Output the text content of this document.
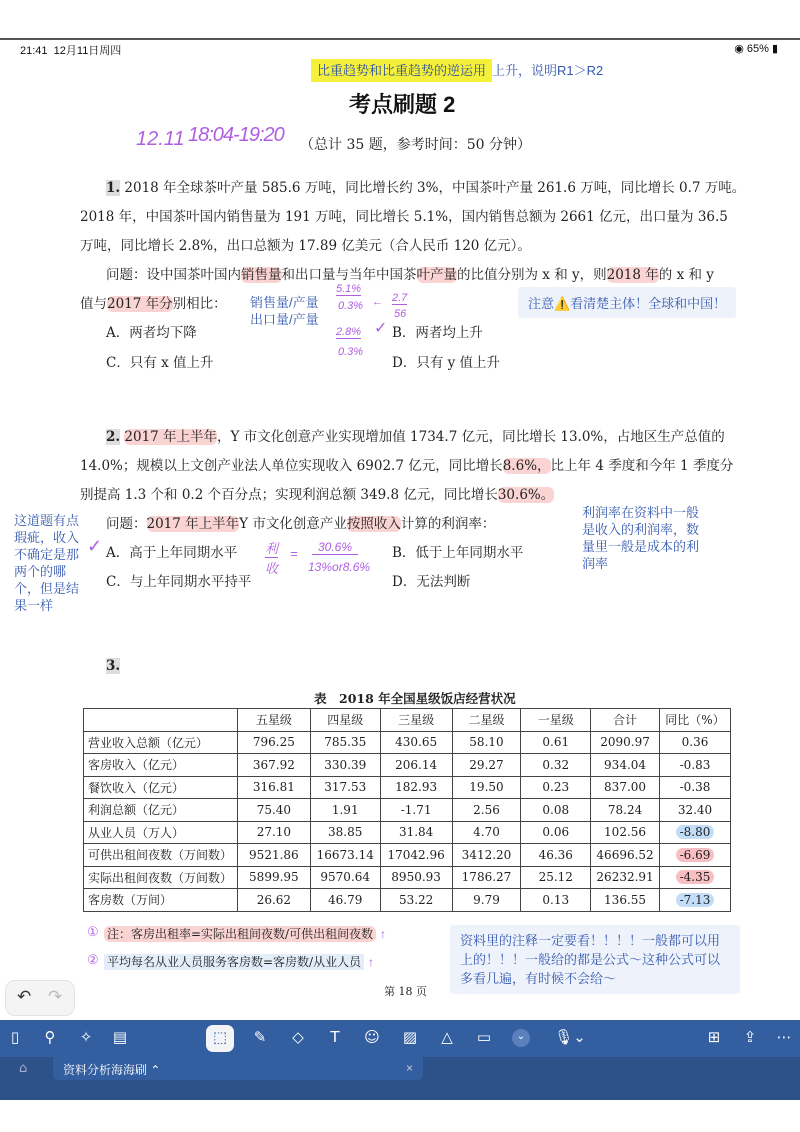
21:41 12月11日周四	◉ 65% ▮
比重趋势和比重趋势的逆运用 上升，说明R1＞R2
考点刷题 2
12.11 18:04-19:20 （总计 35 题，参考时间：50 分钟）
1. 2018 年全球茶叶产量 585.6 万吨，同比增长约 3%，中国茶叶产量 261.6 万吨，同比增长 0.7 万吨。
2018 年，中国茶叶国内销售量为 191 万吨，同比增长 5.1%，国内销售总额为 2661 亿元，出口量为 36.5
万吨，同比增长 2.8%，出口总额为 17.89 亿美元（合人民币 120 亿元）。
问题：设中国茶叶国内销售量和出口量与当年中国茶叶产量的比值分别为 x 和 y，则2018 年的 x 和 y
值与2017 年分别相比：
A．两者均下降	B．两者均上升
✓
C．只有 x 值上升	D．只有 y 值上升
销售量/产量
出口量/产量
5.1%
0.3% ← 2.7
56
2.8%
0.3%
注意⚠️看清楚主体！全球和中国！
2. 2017 年上半年，Y 市文化创意产业实现增加值 1734.7 亿元，同比增长 13.0%，占地区生产总值的
14.0%；规模以上文创产业法人单位实现收入 6902.7 亿元，同比增长8.6%，比上年 4 季度和今年 1 季度分
别提高 1.3 个和 0.2 个百分点；实现利润总额 349.8 亿元，同比增长30.6%。
问题：2017 年上半年Y 市文化创意产业按照收入计算的利润率：
A．高于上年同期水平
✓	B．低于上年同期水平
C．与上年同期水平持平	D．无法判断
利
收
=	30.6%
13%or8.6%
这道题有点
瑕疵，收入
不确定是那
两个的哪
个，但是结
果一样
利润率在资料中一般
是收入的利润率，数
量里一般是成本的利
润率
3.
表　2018 年全国星级饭店经营状况
	五星级	四星级	三星级	二星级	一星级	合计	同比（%）
营业收入总额（亿元）	796.25	785.35	430.65	58.10	0.61	2090.97	0.36
客房收入（亿元）	367.92	330.39	206.14	29.27	0.32	934.04	-0.83
餐饮收入（亿元）	316.81	317.53	182.93	19.50	0.23	837.00	-0.38
利润总额（亿元）	75.40	1.91	-1.71	2.56	0.08	78.24	32.40
从业人员（万人）	27.10	38.85	31.84	4.70	0.06	102.56	-8.80
可供出租间夜数（万间数）	9521.86	16673.14	17042.96	3412.20	46.36	46696.52	-6.69
实际出租间夜数（万间数）	5899.95	9570.64	8950.93	1786.27	25.12	26232.91	-4.35
客房数（万间）	26.62	46.79	53.22	9.79	0.13	136.55	-7.13
① 注：客房出租率=实际出租间夜数/可供出租间夜数 ↑
② 平均每名从业人员服务客房数=客房数/从业人员 ↑
资料里的注释一定要看！！！！一般都可以用
上的！！！一般给的都是公式～这种公式可以
多看几遍，有时候不会给～
第 18 页
↶ ↷
▯	⚲	✧ ▤	⬚	✎ ◇	T	☺ ▨ △ ▭	⌄	🎙︎⌄	⊞ ⇪ ⋯
⌂	资料分析海海刷 ⌃	×
